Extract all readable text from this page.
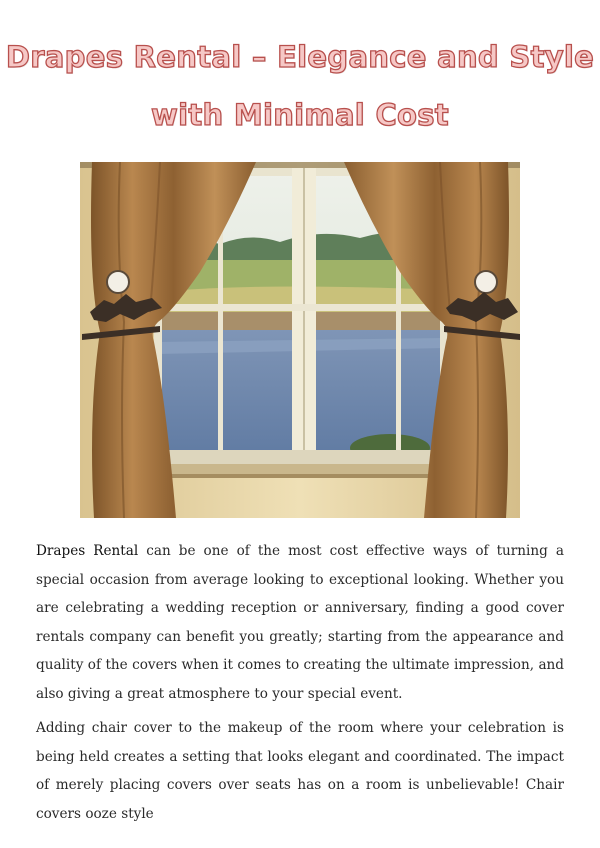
Drapes Rental – Elegance and Style
with Minimal Cost

Drapes Rental can be one of the most cost effective ways of turning a special occasion from average looking to exceptional looking. Whether you are celebrating a wedding reception or anniversary, finding a good cover rentals company can benefit you greatly; starting from the appearance and quality of the covers when it comes to creating the ultimate impression, and also giving a great atmosphere to your special event.

Adding chair cover to the makeup of the room where your celebration is being held creates a setting that looks elegant and coordinated. The impact of merely placing covers over seats has on a room is unbelievable! Chair covers ooze style
